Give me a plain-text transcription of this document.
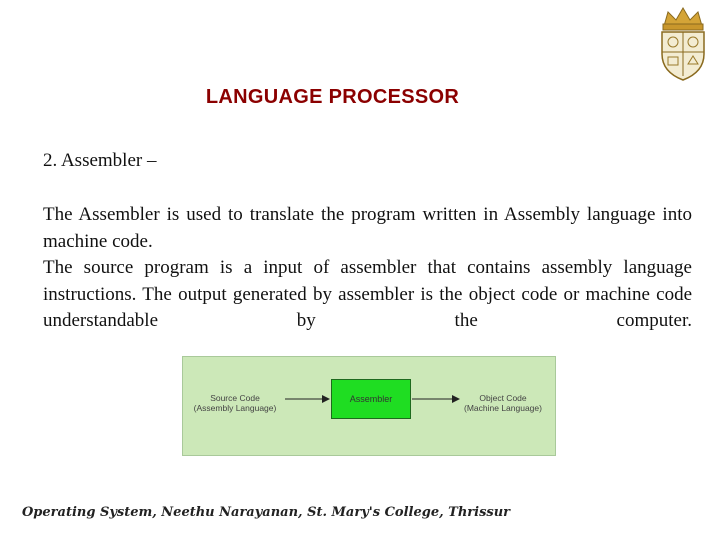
LANGUAGE PROCESSOR
2. Assembler –

The Assembler is used to translate the program written in Assembly language into machine code.

The source program is a input of assembler that contains assembly language instructions. The output generated by assembler is the object code or machine code understandable by the computer.

Source Code
(Assembly Language)
Assembler	Object Code
(Machine Language)
Operating System, Neethu Narayanan, St. Mary's College, Thrissur
